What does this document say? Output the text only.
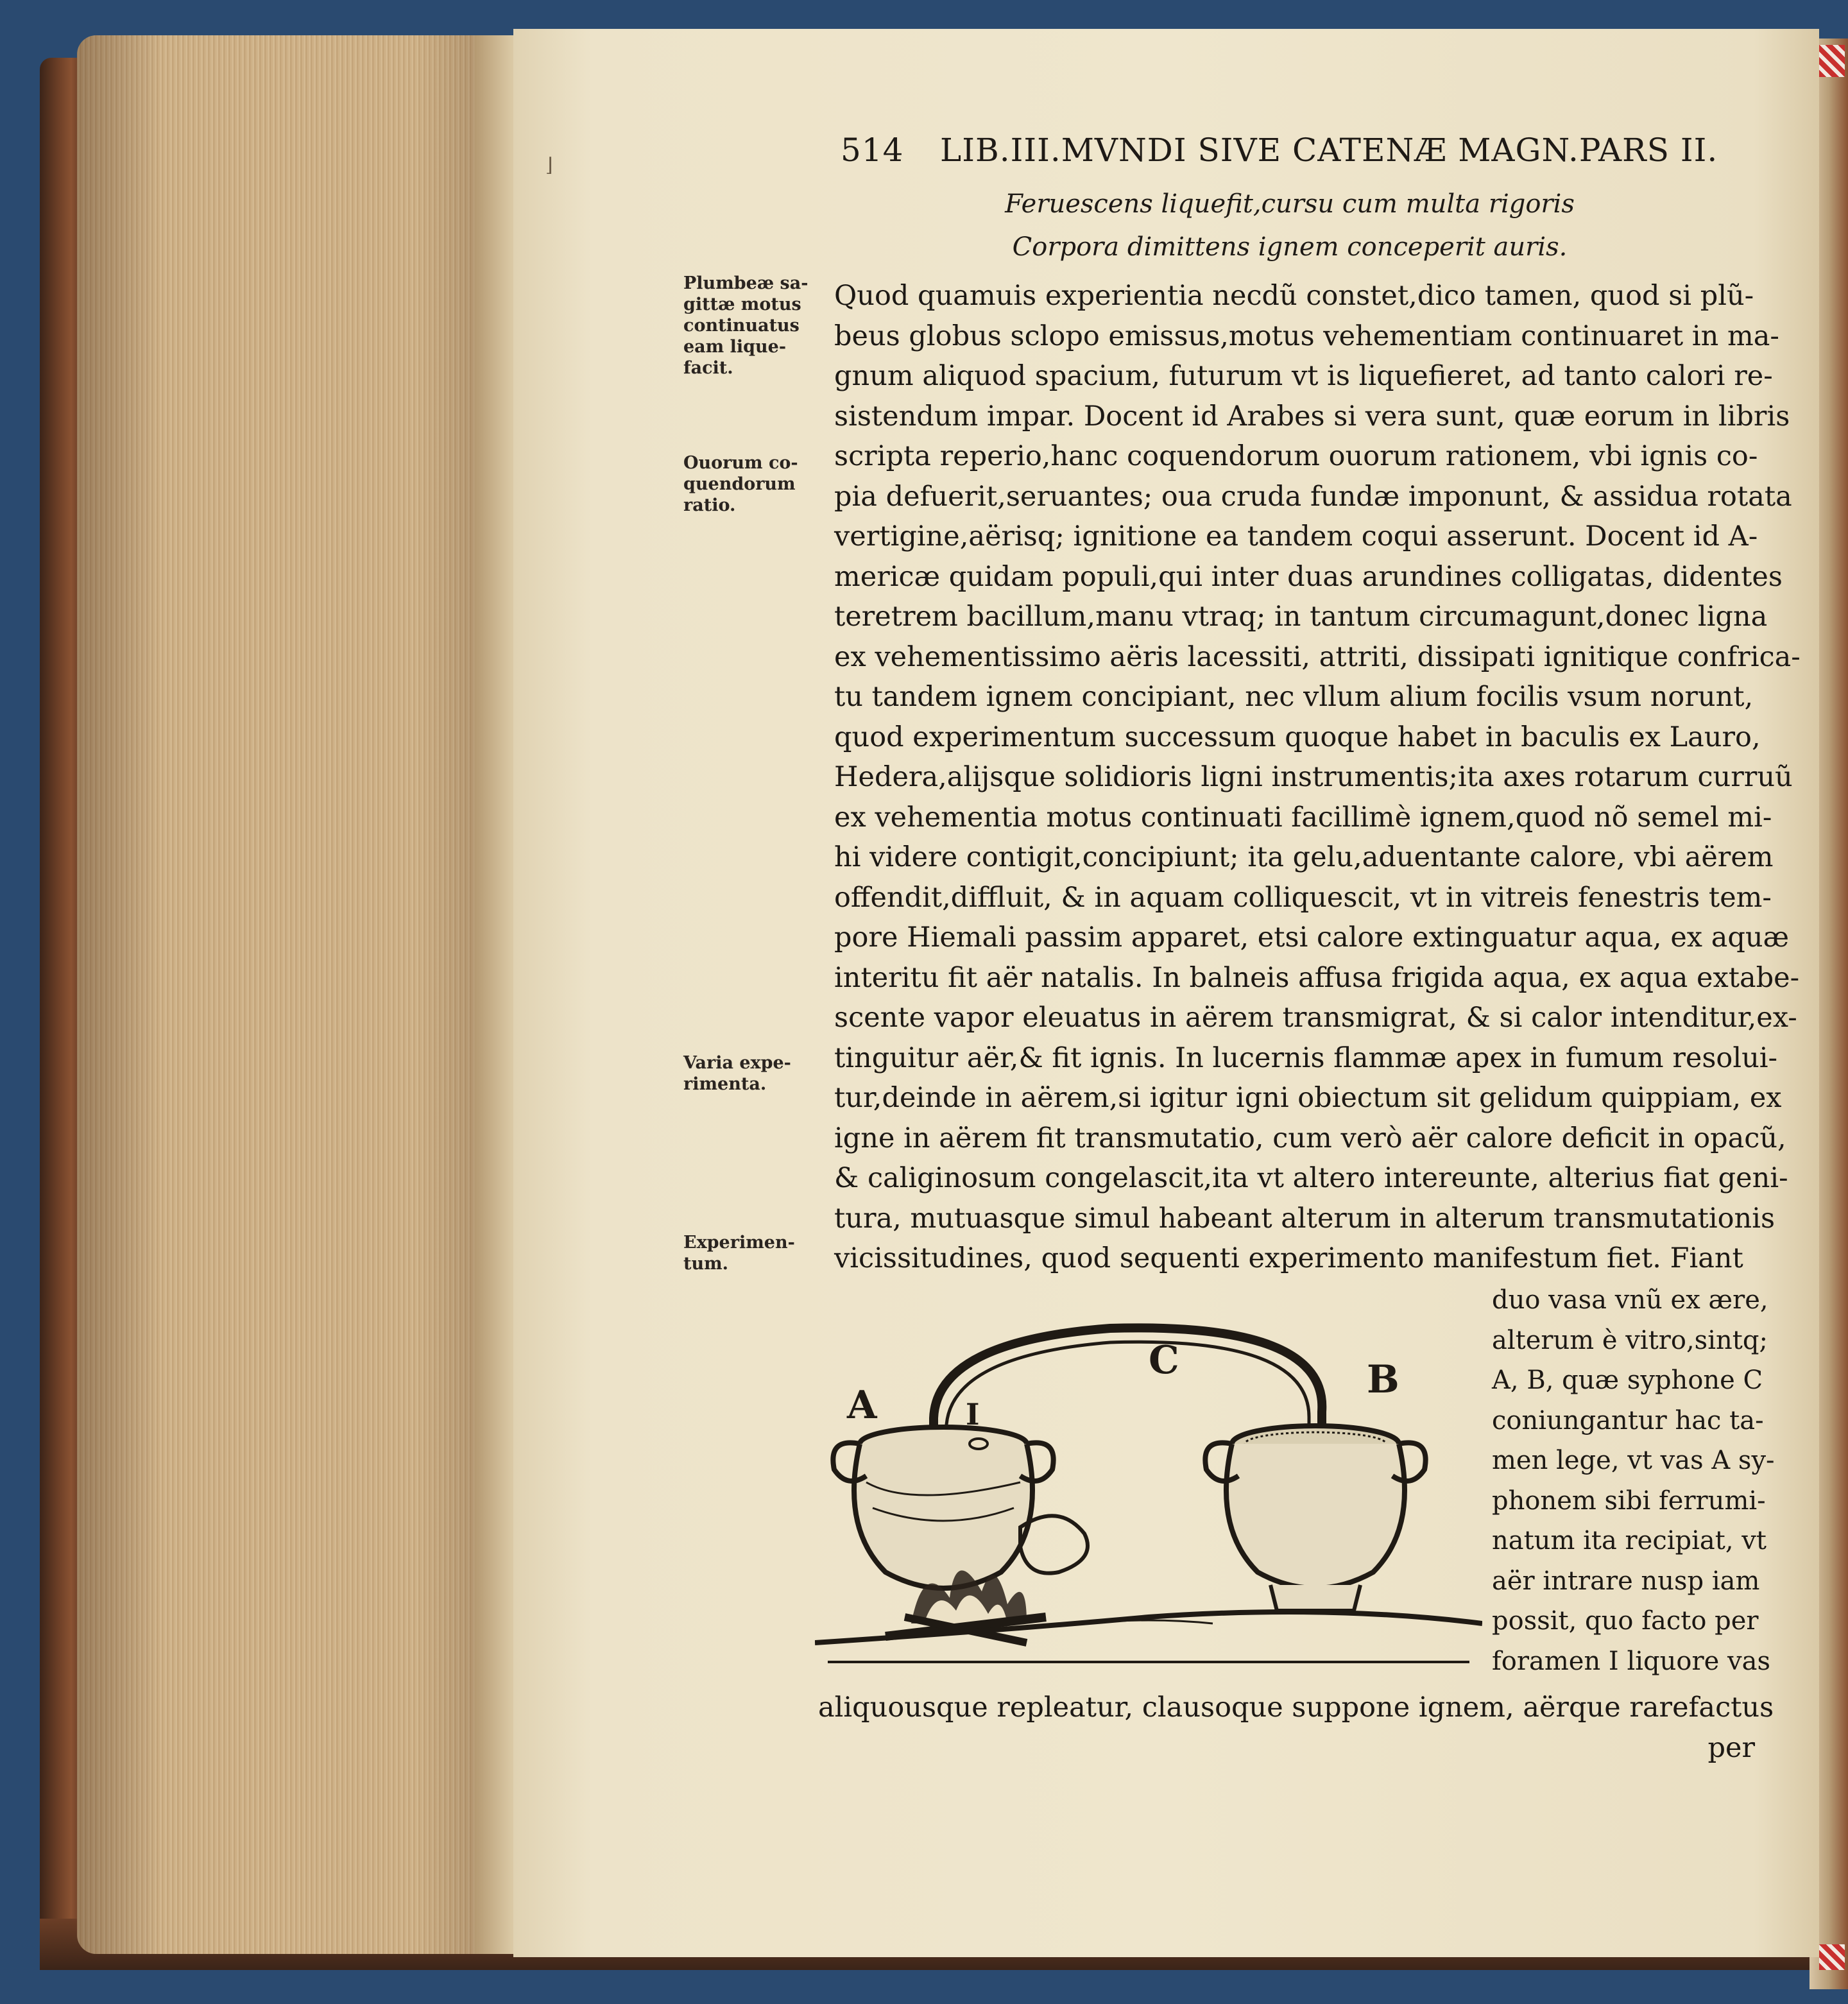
514 LIB.III.MVNDI SIVE CATENÆ MAGN.PARS II.
Feruescens liquefit,cursu cum multa rigoris
Corpora dimittens ignem conceperit auris.
Plumbeæ sa-
gittæ motus
continuatus
eam lique-
facit.
Ouorum co-
quendorum
ratio.
Varia expe-
rimenta.
Experimen-
tum.
Quod quamuis experientia necdũ constet,dico tamen, quod si plũ-
beus globus sclopo emissus,motus vehementiam continuaret in ma-
gnum aliquod spacium, futurum vt is liquefieret, ad tanto calori re-
sistendum impar. Docent id Arabes si vera sunt, quæ eorum in libris
scripta reperio,hanc coquendorum ouorum rationem, vbi ignis co-
pia defuerit,seruantes; oua cruda fundæ imponunt, & assidua rotata
vertigine,aërisq; ignitione ea tandem coqui asserunt. Docent id A-
mericæ quidam populi,qui inter duas arundines colligatas, didentes
teretrem bacillum,manu vtraq; in tantum circumagunt,donec ligna
ex vehementissimo aëris lacessiti, attriti, dissipati ignitique confrica-
tu tandem ignem concipiant, nec vllum alium focilis vsum norunt,
quod experimentum successum quoque habet in baculis ex Lauro,
Hedera,alijsque solidioris ligni instrumentis;ita axes rotarum curruũ
ex vehementia motus continuati facillimè ignem,quod nõ semel mi-
hi videre contigit,concipiunt; ita gelu,aduentante calore, vbi aërem
offendit,diffluit, & in aquam colliquescit, vt in vitreis fenestris tem-
pore Hiemali passim apparet, etsi calore extinguatur aqua, ex aquæ
interitu fit aër natalis. In balneis affusa frigida aqua, ex aqua extabe-
scente vapor eleuatus in aërem transmigrat, & si calor intenditur,ex-
tinguitur aër,& fit ignis. In lucernis flammæ apex in fumum resolui-
tur,deinde in aërem,si igitur igni obiectum sit gelidum quippiam, ex
igne in aërem fit transmutatio, cum verò aër calore deficit in opacũ,
& caliginosum congelascit,ita vt altero intereunte, alterius fiat geni-
tura, mutuasque simul habeant alterum in alterum transmutationis
vicissitudines, quod sequenti experimento manifestum fiet. Fiant
duo vasa vnũ ex ære,
alterum è vitro,sintq;
A, B, quæ syphone C
coniungantur hac ta-
men lege, vt vas A sy-
phonem sibi ferrumi-
natum ita recipiat, vt
aër intrare nusp iam
possit, quo facto per
foramen I liquore vas
A
B
C
I
aliquousque repleatur, clausoque suppone ignem, aërque rarefactus
per
⌋
